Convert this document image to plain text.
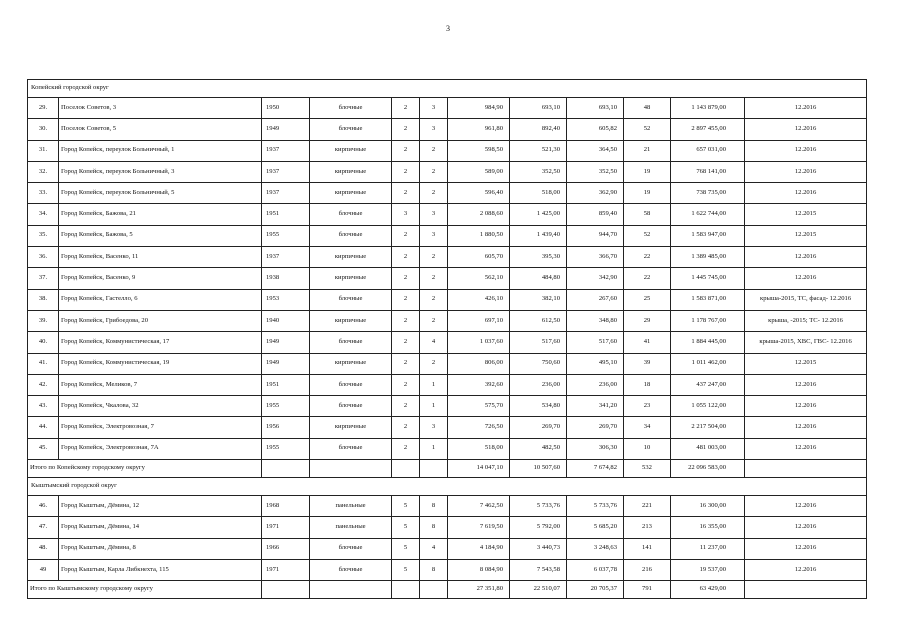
3
Копейский городской округ											
29.	Поселок Советов, 3	1950	блочные	2	3	984,90	693,10	693,10	48	1 143 879,00	12.2016
30.	Поселок Советов, 5	1949	блочные	2	3	961,80	892,40	605,82	52	2 897 455,00	12.2016
31.	Город Копейск, переулок Больничный, 1	1937	кирпичные	2	2	598,50	521,30	364,50	21	657 031,00	12.2016
32.	Город Копейск, переулок Больничный, 3	1937	кирпичные	2	2	589,00	352,50	352,50	19	768 141,00	12.2016
33.	Город Копейск, переулок Больничный, 5	1937	кирпичные	2	2	596,40	518,00	362,90	19	738 735,00	12.2016
34.	Город Копейск, Бажова, 21	1951	блочные	3	3	2 088,60	1 425,00	859,40	58	1 622 744,00	12.2015
35.	Город Копейск, Бажова, 5	1955	блочные	2	3	1 880,50	1 439,40	944,70	52	1 583 947,00	12.2015
36.	Город Копейск, Васенко, 11	1937	кирпичные	2	2	605,70	395,30	366,70	22	1 389 485,00	12.2016
37.	Город Копейск, Васенко, 9	1938	кирпичные	2	2	562,10	484,80	342,90	22	1 445 745,00	12.2016
38.	Город Копейск, Гастелло, 6	1953	блочные	2	2	426,10	382,10	267,60	25	1 583 871,00	крыша-2015, ТС, фасад- 12.2016
39.	Город Копейск, Грибоедова, 20	1940	кирпичные	2	2	697,10	612,50	348,80	29	1 178 767,00	крыша, -2015; ТС- 12.2016
40.	Город Копейск, Коммунистическая, 17	1949	блочные	2	4	1 037,60	517,60	517,60	41	1 884 445,00	крыша-2015, ХВС, ГВС- 12.2016
41.	Город Копейск, Коммунистическая, 19	1949	кирпичные	2	2	806,00	750,60	495,10	39	1 011 462,00	12.2015
42.	Город Копейск, Меликов, 7	1951	блочные	2	1	392,60	236,00	236,00	18	437 247,00	12.2016
43.	Город Копейск, Чкалова, 32	1955	блочные	2	1	575,70	534,80	341,20	23	1 055 122,00	12.2016
44.	Город Копейск, Электровозная, 7	1956	кирпичные	2	3	726,50	269,70	269,70	34	2 217 504,00	12.2016
45.	Город Копейск, Электровозная, 7А	1955	блочные	2	1	518,00	482,50	306,30	10	481 003,00	12.2016
Итого по Копейскому городскому округу						14 047,10	10 507,60	7 674,82	532	22 096 583,00	
Кыштымский городской округ											
46.	Город Кыштым, Дёмина, 12	1968	панельные	5	8	7 462,50	5 733,76	5 733,76	221	16 300,00	12.2016
47.	Город Кыштым, Дёмина, 14	1971	панельные	5	8	7 619,50	5 792,00	5 685,20	213	16 355,00	12.2016
48.	Город Кыштым, Дёмина, 8	1966	блочные	5	4	4 184,90	3 440,73	3 248,63	141	11 237,00	12.2016
49	Город Кыштым, Карла Либкнехта, 115	1971	блочные	5	8	8 084,90	7 543,58	6 037,78	216	19 537,00	12.2016
Итого по Кыштымскому городскому округу						27 351,80	22 510,07	20 705,37	791	63 429,00	
